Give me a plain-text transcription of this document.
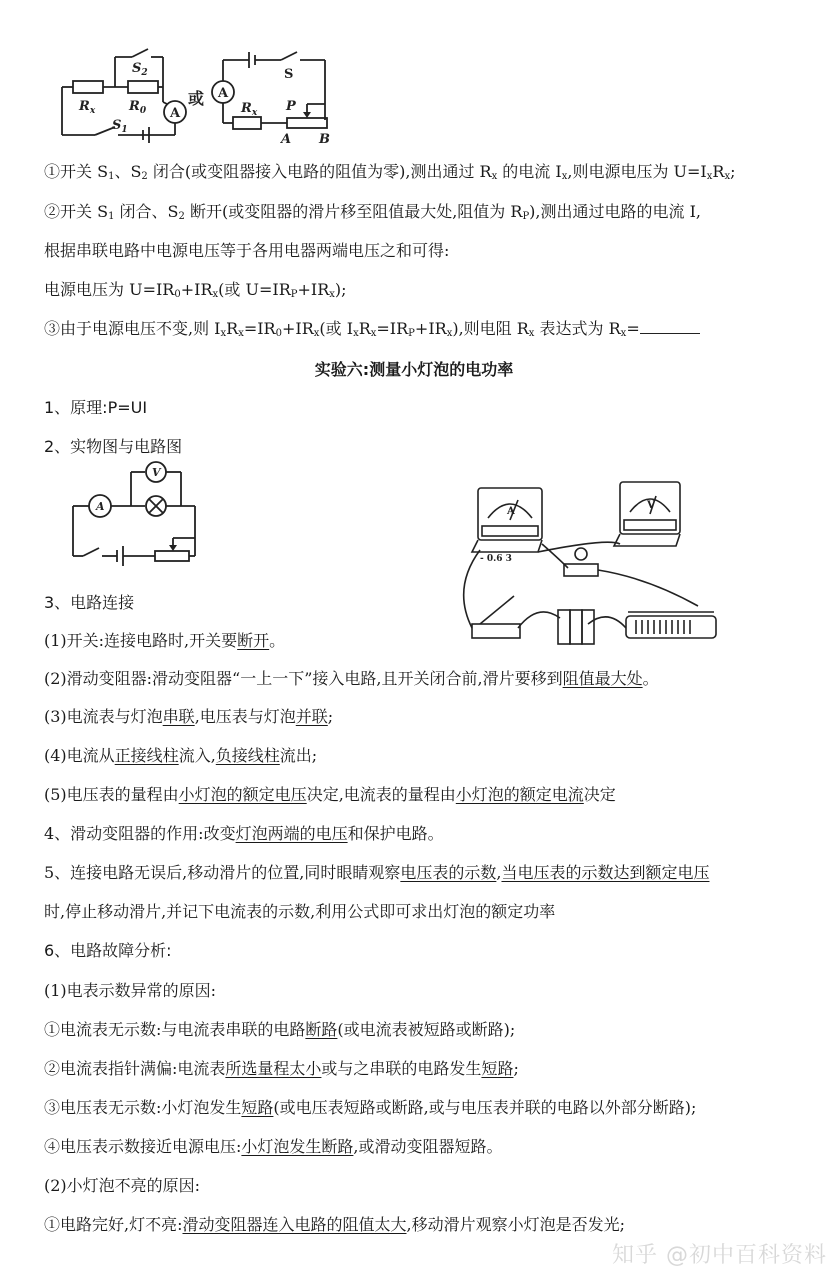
$S_2$
$R_x$	$R_0$
$S_1$
A
A
S
$R_x$ P
A B
或
①开关 $S_1$、$S_2$ 闭合(或变阻器接入电路的阻值为零),测出通过 $R_x$ 的电流 $I_x$,则电源电压为 $U=I_xR_x$;
②开关 $S_1$ 闭合、$S_2$ 断开(或变阻器的滑片移至阻值最大处,阻值为 $R_P$),测出通过电路的电流 I,
根据串联电路中电源电压等于各用电器两端电压之和可得:
电源电压为 $U=IR_0+IR_x$(或 $U=IR_P+IR_x$);
③由于电源电压不变,则 $I_xR_x=IR_0+IR_x$(或 $I_xR_x=IR_P+IR_x$),则电阻 $R_x$ 表达式为 $R_x=$
实验六:测量小灯泡的电功率
1、原理:P=UI
2、实物图与电路图
V
A	A
V
- 0.6 3
3、电路连接
(1)开关:连接电路时,开关要断开。
(2)滑动变阻器:滑动变阻器“一上一下”接入电路,且开关闭合前,滑片要移到阻值最大处。
(3)电流表与灯泡串联,电压表与灯泡并联;
(4)电流从正接线柱流入,负接线柱流出;
(5)电压表的量程由小灯泡的额定电压决定,电流表的量程由小灯泡的额定电流决定
4、滑动变阻器的作用:改变灯泡两端的电压和保护电路。
5、连接电路无误后,移动滑片的位置,同时眼睛观察电压表的示数,当电压表的示数达到额定电压
时,停止移动滑片,并记下电流表的示数,利用公式即可求出灯泡的额定功率
6、电路故障分析:
(1)电表示数异常的原因:
①电流表无示数:与电流表串联的电路断路(或电流表被短路或断路);
②电流表指针满偏:电流表所选量程太小或与之串联的电路发生短路;
③电压表无示数:小灯泡发生短路(或电压表短路或断路,或与电压表并联的电路以外部分断路);
④电压表示数接近电源电压:小灯泡发生断路,或滑动变阻器短路。
(2)小灯泡不亮的原因:
①电路完好,灯不亮:滑动变阻器连入电路的阻值太大,移动滑片观察小灯泡是否发光;
知乎 @初中百科资料
